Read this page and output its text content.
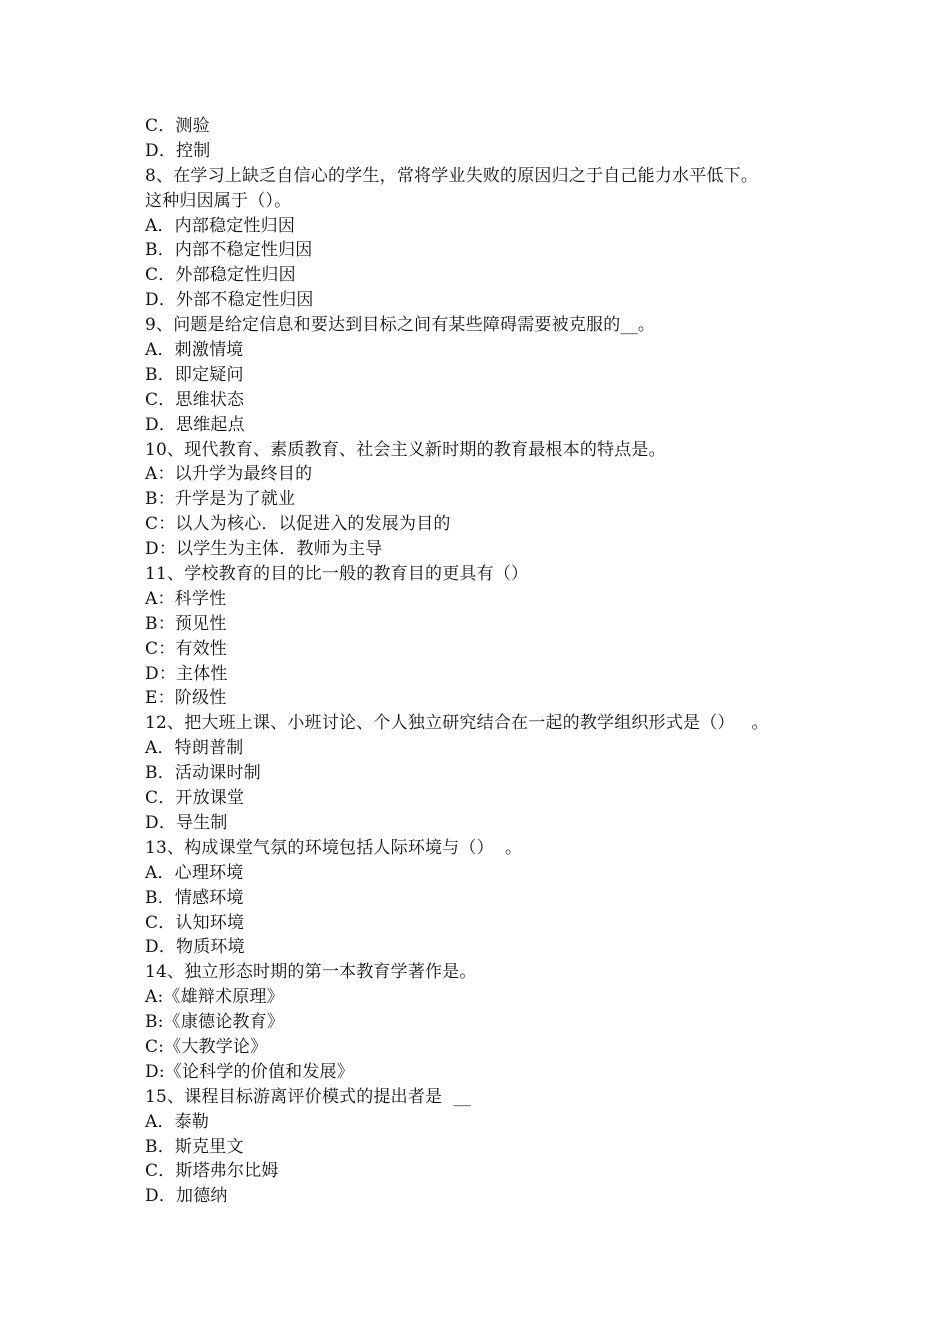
C．测验
D．控制
8、在学习上缺乏自信心的学生，常将学业失败的原因归之于自己能力水平低下。
这种归因属于（）。
A．内部稳定性归因
B．内部不稳定性归因
C．外部稳定性归因
D．外部不稳定性归因
9、问题是给定信息和要达到目标之间有某些障碍需要被克服的__。
A．刺激情境
B．即定疑问
C．思维状态
D．思维起点
10、现代教育、素质教育、社会主义新时期的教育最根本的特点是。
A：以升学为最终目的
B：升学是为了就业
C：以人为核心．以促进入的发展为目的
D：以学生为主体．教师为主导
11、学校教育的目的比一般的教育目的更具有（）
A：科学性
B：预见性
C：有效性
D：主体性
E：阶级性
12、把大班上课、小班讨论、个人独立研究结合在一起的教学组织形式是（）   。
A．特朗普制
B．活动课时制
C．开放课堂
D．导生制
13、构成课堂气氛的环境包括人际环境与（）  。
A．心理环境
B．情感环境
C．认知环境
D．物质环境
14、独立形态时期的第一本教育学著作是。
A:《雄辩术原理》
B:《康德论教育》
C:《大教学论》
D:《论科学的价值和发展》
15、课程目标游离评价模式的提出者是  __
A．泰勒
B．斯克里文
C．斯塔弗尔比姆
D．加德纳
